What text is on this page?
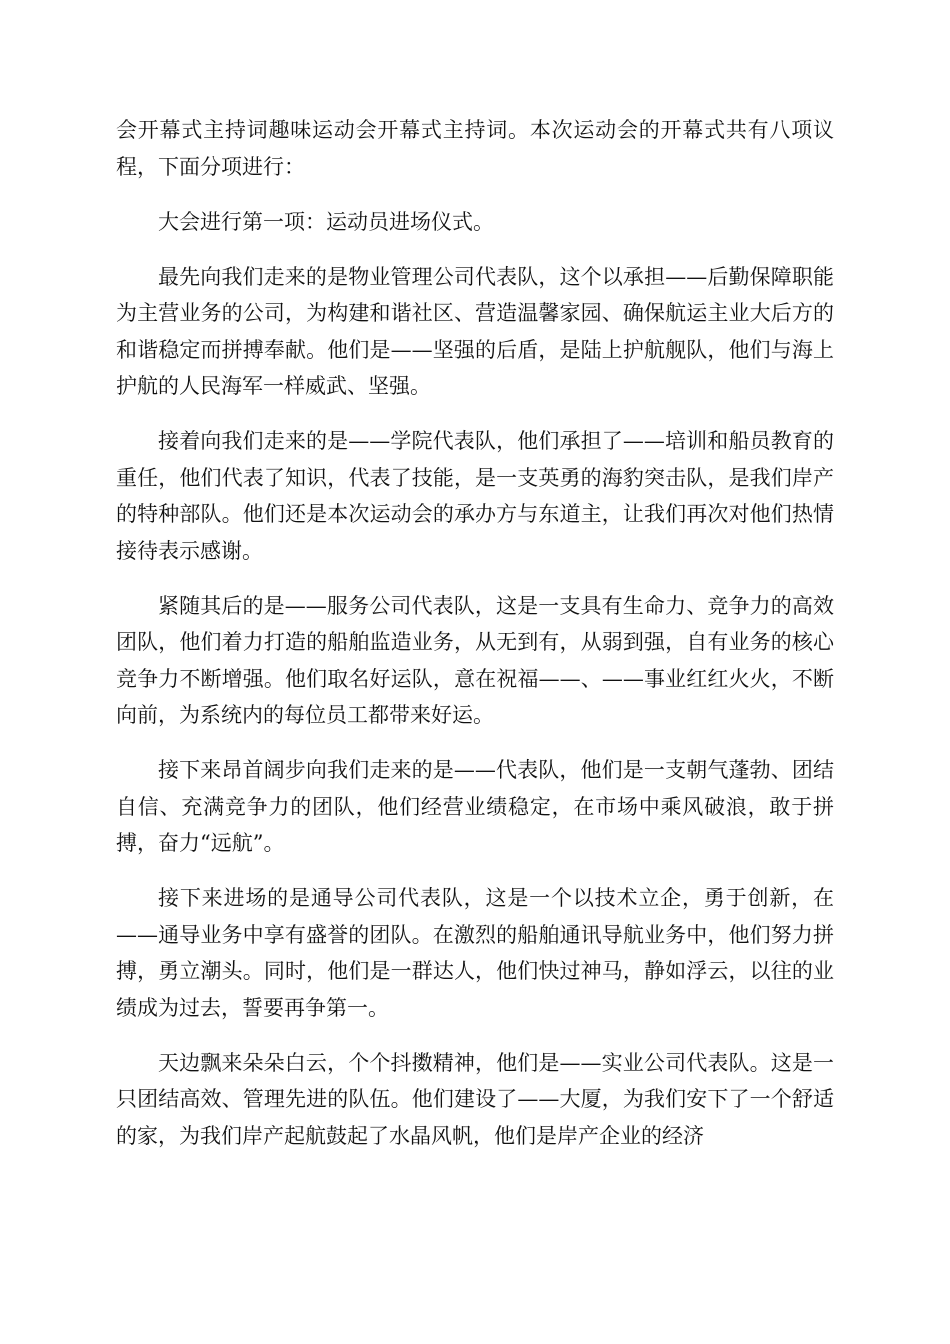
会开幕式主持词趣味运动会开幕式主持词。本次运动会的开幕式共有八项议程，下面分项进行：

大会进行第一项：运动员进场仪式。

最先向我们走来的是物业管理公司代表队，这个以承担——后勤保障职能为主营业务的公司，为构建和谐社区、营造温馨家园、确保航运主业大后方的和谐稳定而拼搏奉献。他们是——坚强的后盾，是陆上护航舰队，他们与海上护航的人民海军一样威武、坚强。

接着向我们走来的是——学院代表队，他们承担了——培训和船员教育的重任，他们代表了知识，代表了技能，是一支英勇的海豹突击队，是我们岸产的特种部队。他们还是本次运动会的承办方与东道主，让我们再次对他们热情接待表示感谢。

紧随其后的是——服务公司代表队，这是一支具有生命力、竞争力的高效团队，他们着力打造的船舶监造业务，从无到有，从弱到强，自有业务的核心竞争力不断增强。他们取名好运队，意在祝福——、——事业红红火火，不断向前，为系统内的每位员工都带来好运。

接下来昂首阔步向我们走来的是——代表队，他们是一支朝气蓬勃、团结自信、充满竞争力的团队，他们经营业绩稳定，在市场中乘风破浪，敢于拼搏，奋力“远航”。

接下来进场的是通导公司代表队，这是一个以技术立企，勇于创新，在——通导业务中享有盛誉的团队。在激烈的船舶通讯导航业务中，他们努力拼搏，勇立潮头。同时，他们是一群达人，他们快过神马，静如浮云，以往的业绩成为过去，誓要再争第一。

天边飘来朵朵白云，个个抖擞精神，他们是——实业公司代表队。这是一只团结高效、管理先进的队伍。他们建设了——大厦，为我们安下了一个舒适的家，为我们岸产起航鼓起了水晶风帆，他们是岸产企业的经济
